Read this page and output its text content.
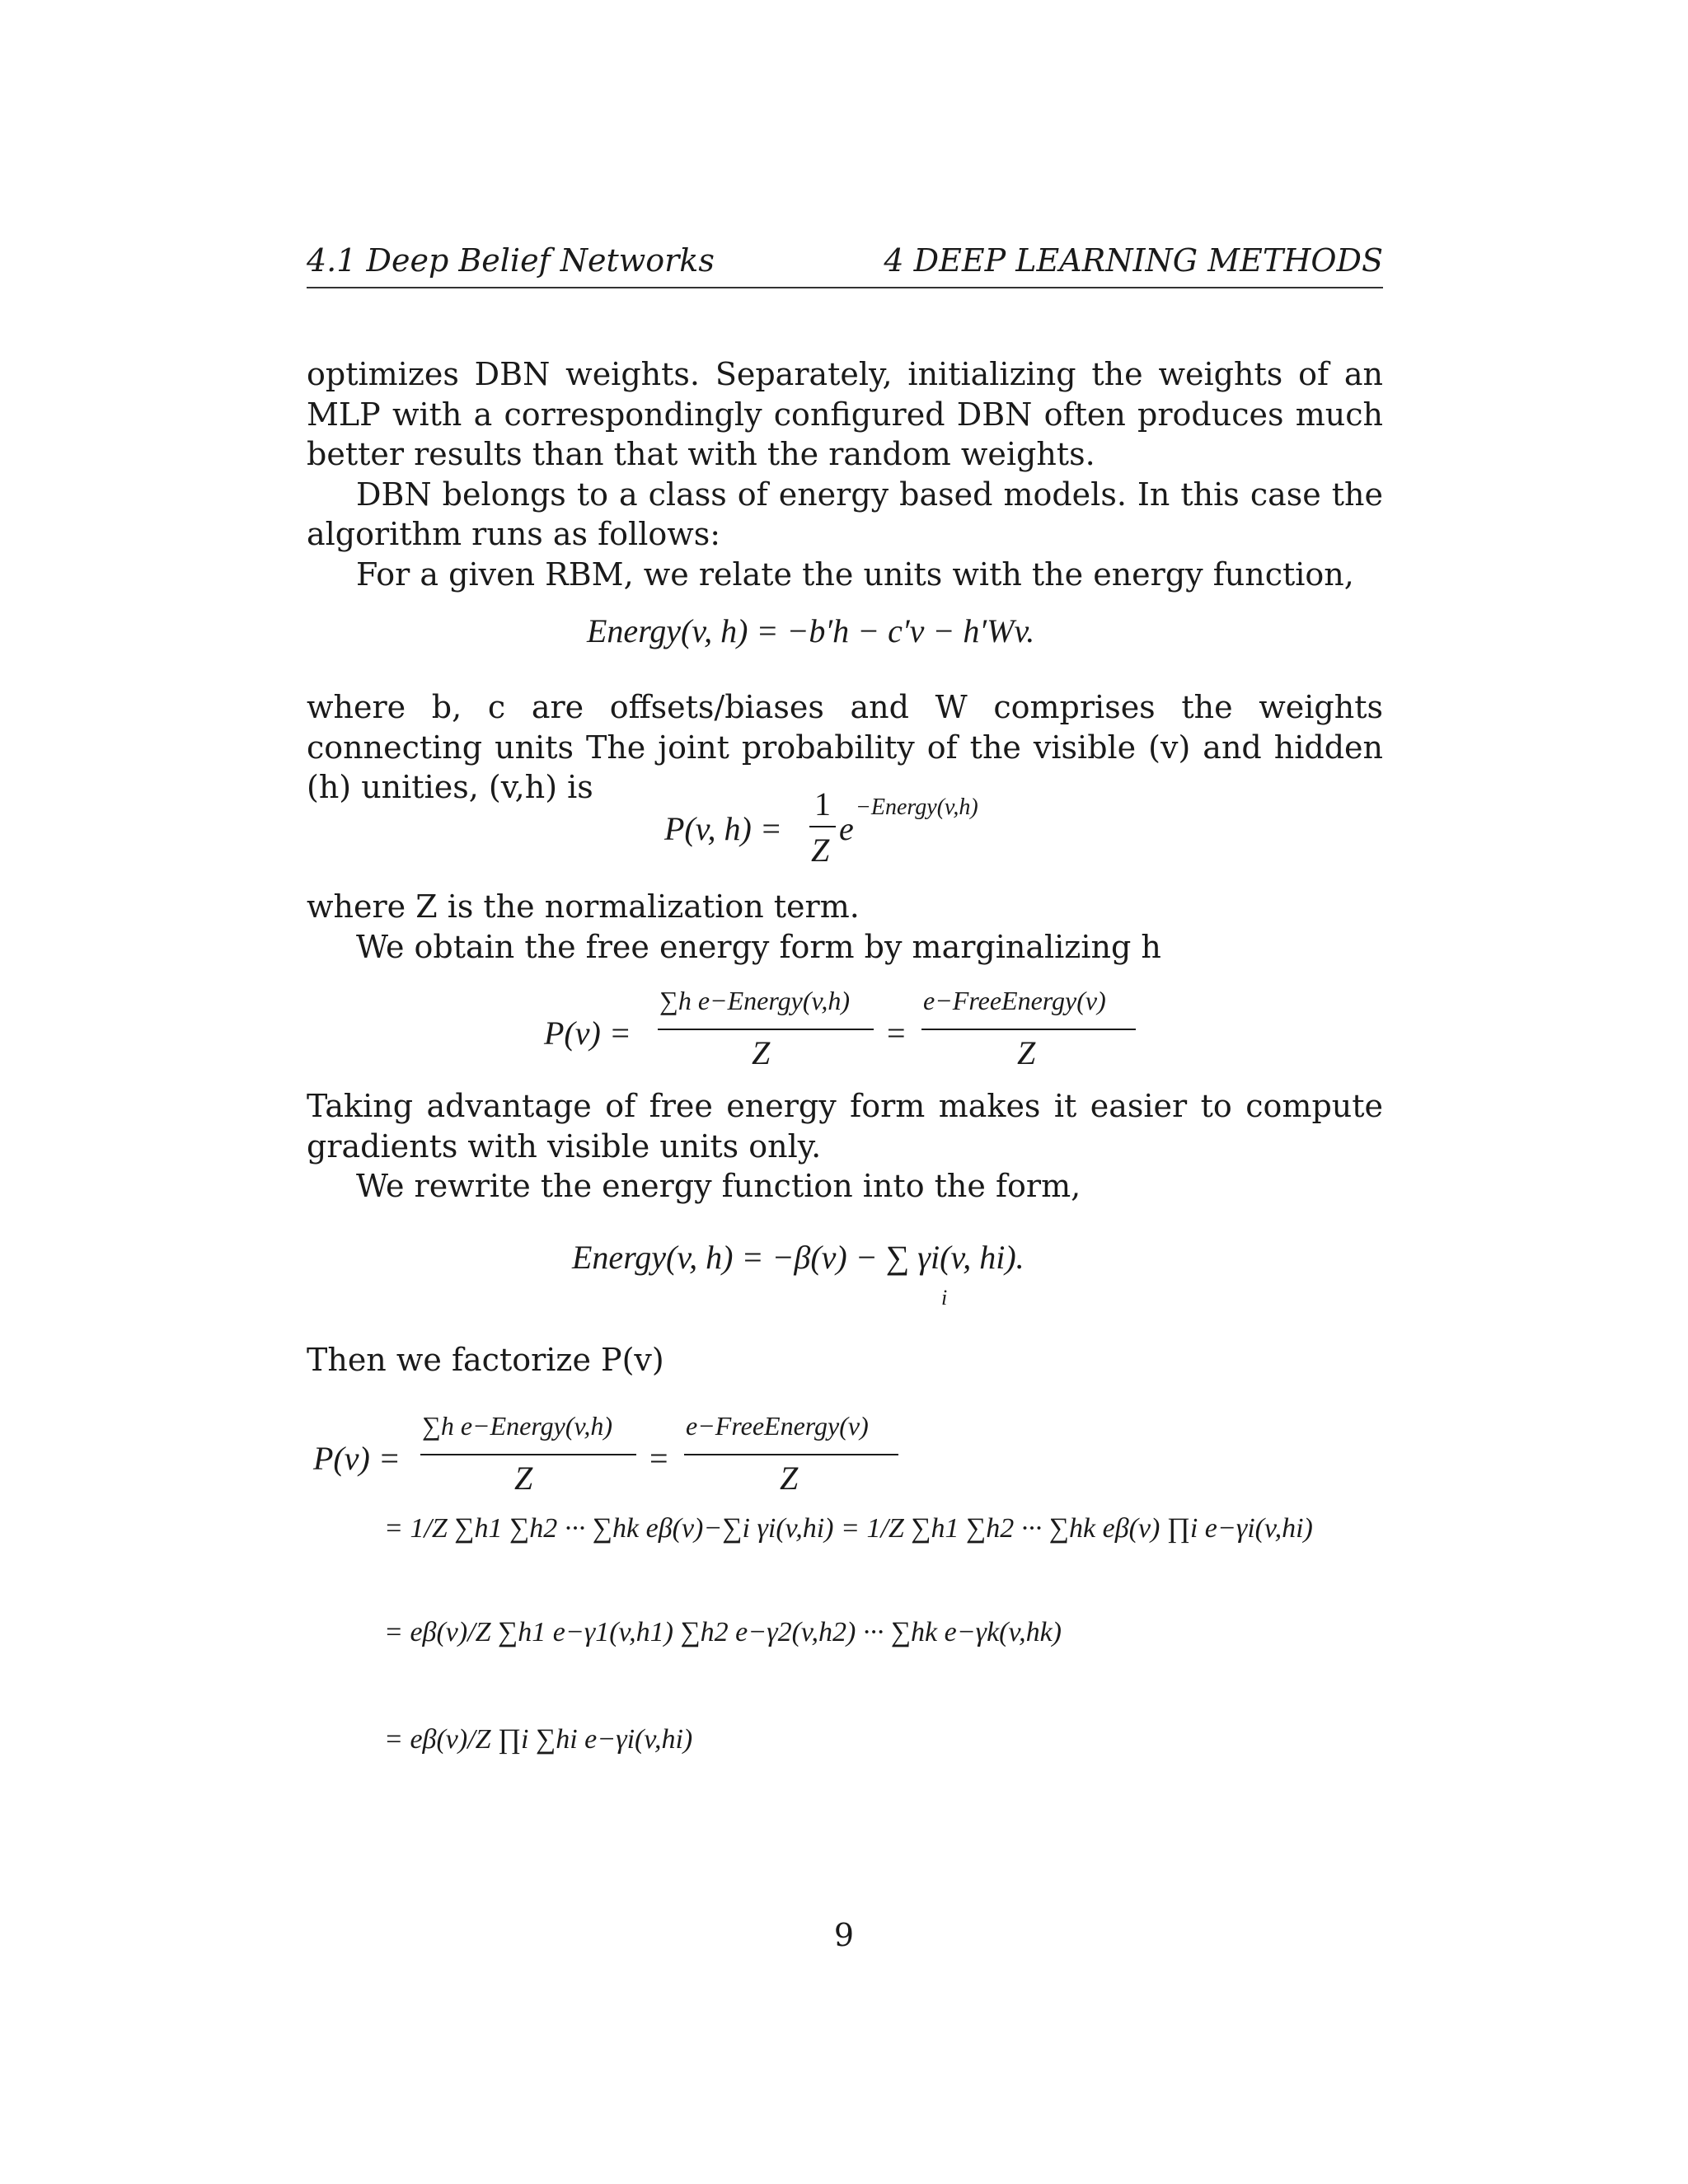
4.1 Deep Belief Networks	4 DEEP LEARNING METHODS

optimizes DBN weights. Separately, initializing the weights of an MLP with a correspondingly configured DBN often produces much better results than that with the random weights.

DBN belongs to a class of energy based models. In this case the algorithm runs as follows:

For a given RBM, we relate the units with the energy function,

Energy(v, h) = −b′h − c′v − h′Wv.

where b, c are offsets/biases and W comprises the weights connecting units The joint probability of the visible (v) and hidden (h) unities, (v,h) is

P(v, h) =
1
Z
e
−Energy(v,h)

where Z is the normalization term.

We obtain the free energy form by marginalizing h

P(v) =
∑h e−Energy(v,h)
Z
=
e−FreeEnergy(v)
Z

Taking advantage of free energy form makes it easier to compute gradients with visible units only.

We rewrite the energy function into the form,

Energy(v, h) = −β(v) − ∑ γi(v, hi).
i

Then we factorize P(v)

P(v) =
∑h e−Energy(v,h)
Z
=
e−FreeEnergy(v)
Z
= 1/Z ∑h1 ∑h2 ··· ∑hk eβ(v)−∑i γi(v,hi) = 1/Z ∑h1 ∑h2 ··· ∑hk eβ(v) ∏i e−γi(v,hi)
= eβ(v)/Z ∑h1 e−γ1(v,h1) ∑h2 e−γ2(v,h2) ··· ∑hk e−γk(v,hk)
= eβ(v)/Z ∏i ∑hi e−γi(v,hi)
9
